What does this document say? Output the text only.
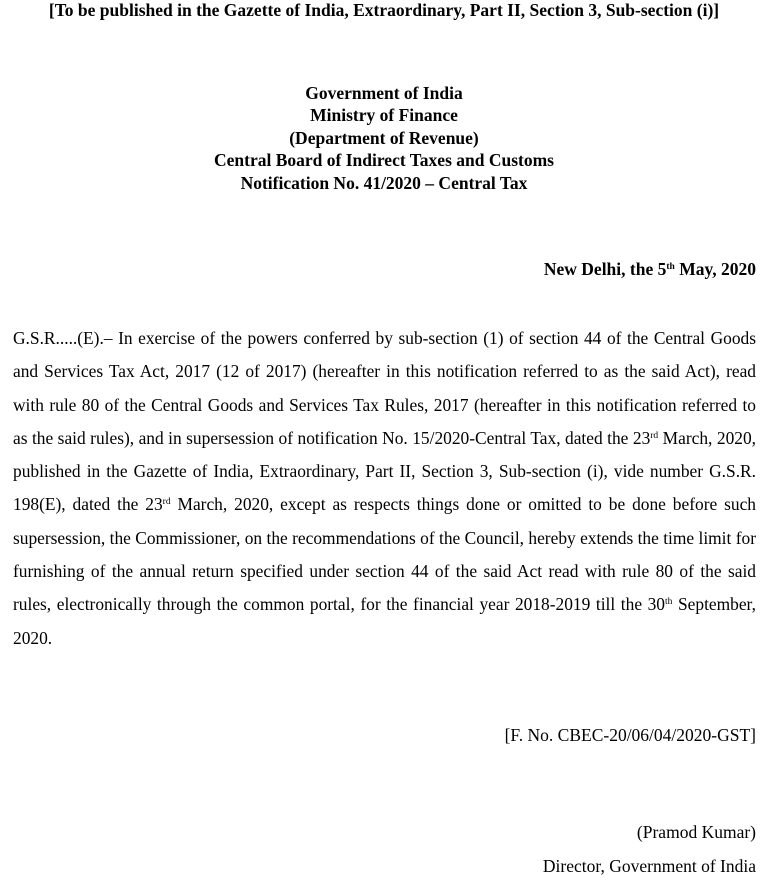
[To be published in the Gazette of India, Extraordinary, Part II, Section 3, Sub-section (i)]
Government of India
Ministry of Finance
(Department of Revenue)
Central Board of Indirect Taxes and Customs
Notification No. 41/2020 – Central Tax
New Delhi, the 5th May, 2020

G.S.R.....(E).– In exercise of the powers conferred by sub-section (1) of section 44 of the Central Goods and Services Tax Act, 2017 (12 of 2017) (hereafter in this notification referred to as the said Act), read with rule 80 of the Central Goods and Services Tax Rules, 2017 (hereafter in this notification referred to as the said rules), and in supersession of notification No. 15/2020-Central Tax, dated the 23rd March, 2020, published in the Gazette of India, Extraordinary, Part II, Section 3, Sub-section (i), vide number G.S.R. 198(E), dated the 23rd March, 2020, except as respects things done or omitted to be done before such supersession, the Commissioner, on the recommendations of the Council, hereby extends the time limit for furnishing of the annual return specified under section 44 of the said Act read with rule 80 of the said rules, electronically through the common portal, for the financial year 2018-2019 till the 30th September, 2020.

[F. No. CBEC-20/06/04/2020-GST]
(Pramod Kumar)
Director, Government of India
